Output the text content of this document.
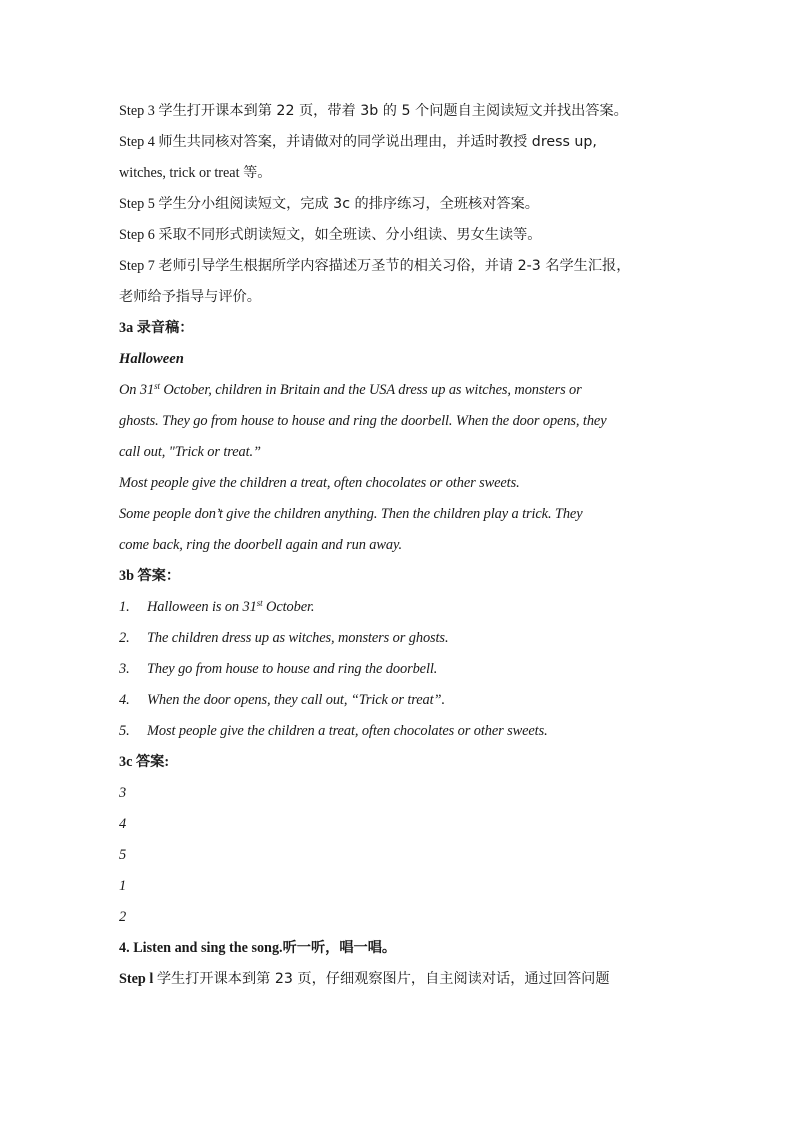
Step 3 学生打开课本到第 22 页，带着 3b 的 5 个问题自主阅读短文并找出答案。
Step 4 师生共同核对答案，并请做对的同学说出理由，并适时教授 dress up,
witches, trick or treat 等。
Step 5 学生分小组阅读短文，完成 3c 的排序练习，全班核对答案。
Step 6 采取不同形式朗读短文，如全班读、分小组读、男女生读等。
Step 7 老师引导学生根据所学内容描述万圣节的相关习俗，并请 2-3 名学生汇报，
老师给予指导与评价。
3a 录音稿：
Halloween
On 31st October, children in Britain and the USA dress up as witches, monsters or
ghosts. They go from house to house and ring the doorbell. When the door opens, they
call out, "Trick or treat.”
Most people give the children a treat, often chocolates or other sweets.
Some people don’t give the children anything. Then the children play a trick. They
come back, ring the doorbell again and run away.
3b 答案：
1. Halloween is on 31st October.
2. The children dress up as witches, monsters or ghosts.
3. They go from house to house and ring the doorbell.
4. When the door opens, they call out, “Trick or treat”.
5. Most people give the children a treat, often chocolates or other sweets.
3c 答案:
3
4
5
1
2
4. Listen and sing the song.听一听，唱一唱。
Step l 学生打开课本到第 23 页，仔细观察图片，自主阅读对话，通过回答问题
